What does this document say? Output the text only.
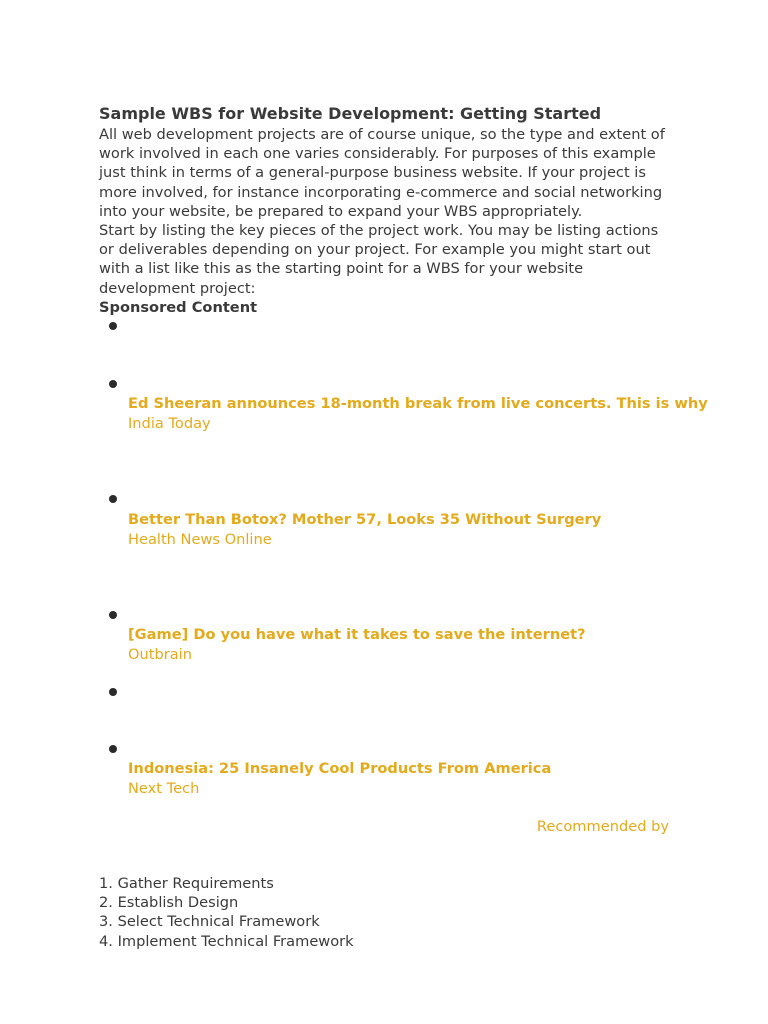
Sample WBS for Website Development: Getting Started

All web development projects are of course unique, so the type and extent of work involved in each one varies considerably. For purposes of this example just think in terms of a general-purpose business website. If your project is more involved, for instance incorporating e-commerce and social networking into your website, be prepared to expand your WBS appropriately.

Start by listing the key pieces of the project work. You may be listing actions or deliverables depending on your project. For example you might start out with a list like this as the starting point for a WBS for your website development project:

Sponsored Content

Ed Sheeran announces 18-month break from live concerts. This is why
India Today
Better Than Botox? Mother 57, Looks 35 Without Surgery
Health News Online
[Game] Do you have what it takes to save the internet?
Outbrain
Indonesia: 25 Insanely Cool Products From America
Next Tech
Recommended by
1. Gather Requirements
2. Establish Design
3. Select Technical Framework
4. Implement Technical Framework
